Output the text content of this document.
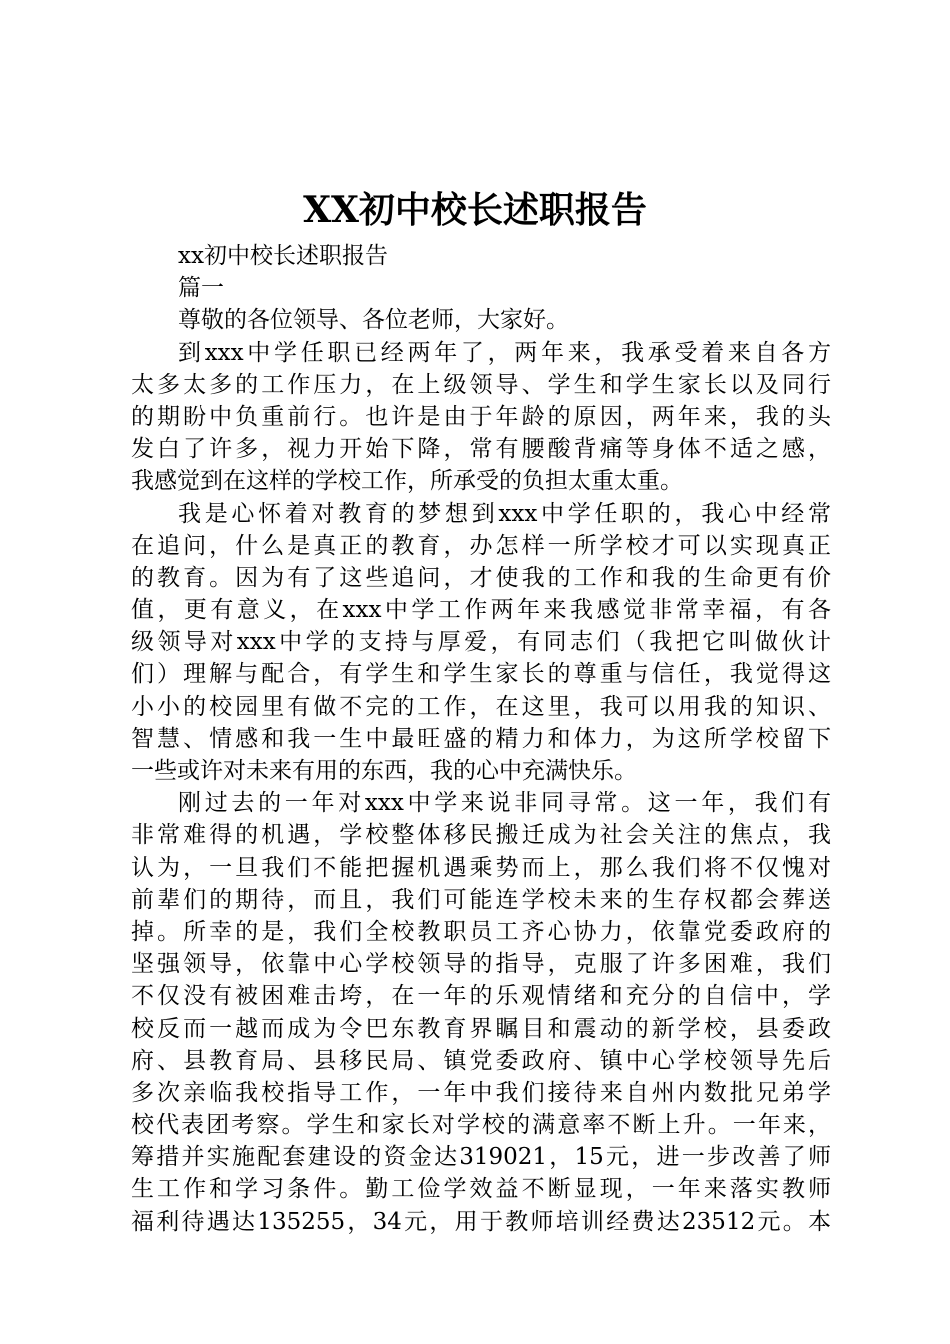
XX初中校长述职报告
xx初中校长述职报告
篇一
尊敬的各位领导、各位老师，大家好。
到xxx中学任职已经两年了，两年来，我承受着来自各方
太多太多的工作压力，在上级领导、学生和学生家长以及同行
的期盼中负重前行。也许是由于年龄的原因，两年来，我的头
发白了许多，视力开始下降，常有腰酸背痛等身体不适之感，
我感觉到在这样的学校工作，所承受的负担太重太重。
我是心怀着对教育的梦想到xxx中学任职的，我心中经常
在追问，什么是真正的教育，办怎样一所学校才可以实现真正
的教育。因为有了这些追问，才使我的工作和我的生命更有价
值，更有意义，在xxx中学工作两年来我感觉非常幸福，有各
级领导对xxx中学的支持与厚爱，有同志们（我把它叫做伙计
们）理解与配合，有学生和学生家长的尊重与信任，我觉得这
小小的校园里有做不完的工作，在这里，我可以用我的知识、
智慧、情感和我一生中最旺盛的精力和体力，为这所学校留下
一些或许对未来有用的东西，我的心中充满快乐。
刚过去的一年对xxx中学来说非同寻常。这一年，我们有
非常难得的机遇，学校整体移民搬迁成为社会关注的焦点，我
认为，一旦我们不能把握机遇乘势而上，那么我们将不仅愧对
前辈们的期待，而且，我们可能连学校未来的生存权都会葬送
掉。所幸的是，我们全校教职员工齐心协力，依靠党委政府的
坚强领导，依靠中心学校领导的指导，克服了许多困难，我们
不仅没有被困难击垮，在一年的乐观情绪和充分的自信中，学
校反而一越而成为令巴东教育界瞩目和震动的新学校，县委政
府、县教育局、县移民局、镇党委政府、镇中心学校领导先后
多次亲临我校指导工作，一年中我们接待来自州内数批兄弟学
校代表团考察。学生和家长对学校的满意率不断上升。一年来，
筹措并实施配套建设的资金达319021，15元，进一步改善了师
生工作和学习条件。勤工俭学效益不断显现，一年来落实教师
福利待遇达135255，34元，用于教师培训经费达23512元。本
